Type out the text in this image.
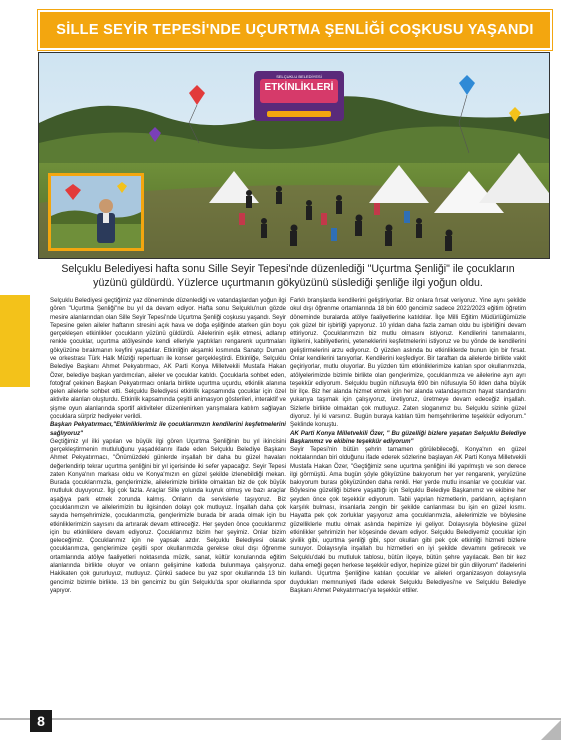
SİLLE SEYİR TEPESİ'NDE UÇURTMA ŞENLİĞİ COŞKUSU YAŞANDI
SELÇUKLU BELEDİYESİ
ETKİNLİKLERİ
Selçuklu Belediyesi hafta sonu Sille Seyir Tepesi'nde düzenlediği "Uçurtma Şenliği" ile çocukların yüzünü güldürdü. Yüzlerce uçurtmanın gökyüzünü süslediği şenliğe ilgi yoğun oldu.

Selçuklu Belediyesi geçtiğimiz yaz döneminde düzenlediği ve vatandaşlardan yoğun ilgi gören "Uçurtma Şenliği"ne bu yıl da devam ediyor. Hafta sonu Selçuklu'nun gözde mesire alanlarından olan Sille Seyir Tepesi'nde Uçurtma Şenliği coşkusu yaşandı. Seyir Tepesine gelen aileler haftanın stresini açık hava ve doğa eşliğinde atarken gün boyu gerçekleşen etkinlikler çocukların yüzünü güldürdü. Ailelerinin eşlik etmesi, adlanıp renkle çocuklar, uçurtma atölyesinde kendi elleriyle yaptıkları rengarenk uçurtmaları gökyüzüne bırakmanın keyfini yaşadılar. Etkinliğin akşamki kısmında Sanatçı Duman ve orkestrası Türk Halk Müziği repertuarı ile konser gerçekleştirdi. Etkinliğe, Selçuklu Belediye Başkanı Ahmet Pekyatırmacı, AK Parti Konya Milletvekili Mustafa Hakan Özer, belediye başkan yardımcıları, aileler ve çocuklar katıldı. Çocuklarla sohbet eden, fotoğraf çekinen Başkan Pekyatırmacı onlarla birlikte uçurtma uçurdu, etkinlik alanına gelen ailelerle sohbet etti. Selçuklu Belediyesi etkinlik kapsamında çocuklar için özel aktivite alanları oluşturdu. Etkinlik kapsamında çeşitli animasyon gösterileri, interaktif ve şişme oyun alanlarında sportif aktiviteler düzenlenirken yarışmalara katılım sağlayan çocuklara sürpriz hediyeler verildi.

Başkan Pekyatırmacı,"Etkinliklerimiz ile çocuklarımızın kendilerini keşfetmelerini sağlıyoruz"

Geçtiğimiz yıl ilki yapılan ve büyük ilgi gören Uçurtma Şenliğinin bu yıl ikincisini gerçekleştirmenin mutluluğunu yaşadıklarını ifade eden Selçuklu Belediye Başkanı Ahmet Pekyatırmacı, "Önümüzdeki günlerde inşallah bir daha bu güzel havaları değerlendirip tekrar uçurtma şenliğini bir yıl içerisinde iki sefer yapacağız. Seyir Tepesi zaten Konya'nın markası oldu ve Konya'mızın en güzel şekilde izlenebildiği mekan. Burada çocuklarımızla, gençlerimizle, ailelerimizle birlikte olmaktan biz de çok büyük mutluluk duyuyoruz. İlgi çok fazla. Araçlar Sille yolunda kuyruk olmuş ve bazı araçlar aşağıya park etmek zorunda kalmış. Onların da servislerle taşıyoruz. Biz çocuklarımızın ve ailelerimizin bu ilgisinden dolayı çok mutluyuz. İnşallah daha çok sayıda hemşehrimizle, çocuklarımızla, gençlerimizle burada bir arada olmak için bu etkinliklerimizin sayısını da artırarak devam ettireceğiz. Her şeyden önce çocuklarımız için bu etkinliklere devam ediyoruz. Çocuklarımız bizim her şeyimiz. Onlar bizim geleceğimiz. Çocuklarımız için ne yapsak azdır. Selçuklu Belediyesi olarak çocuklarımıza, gençlerimize çeşitli spor okullarımızda gerekse okul dışı öğrenme ortamlarında atölye faaliyetleri noktasında müzik, sanat, kültür konularında eğitim alanlarında birlikte oluyor ve onların gelişimine katkıda bulunmaya çalışıyoruz. Hakikaten çok gururluyuz, mutluyuz. Çünkü sadece bu yaz spor okullarında 13 bin gencimiz bizimle birlikte. 13 bin gencimiz bu gün Selçuklu'da spor okullarında spor yapıyor.

Farklı branşlarda kendilerini geliştiriyorlar. Biz onlara fırsat veriyoruz. Yine aynı şekilde okul dışı öğrenme ortamlarında 18 bin 600 gencimiz sadece 2022/2023 eğitim öğretim döneminde buralarda atölye faaliyetlerine katıldılar. İlçe Milli Eğitim Müdürlüğümüzle çok güzel bir işbirliği yapıyoruz. 10 yıldan daha fazla zaman oldu bu işbirliğini devam ettiriyoruz. Çocuklarımızın biz mutlu olmasını istiyoruz. Kendilerini tanımalarını, ilgilerini, kabiliyetlerini, yeteneklerini keşfetmelerini istiyoruz ve bu yönde de kendilerini geliştirmelerini arzu ediyoruz. O yüzden aslında bu etkinliklerde bunun için bir fırsat. Onlar kendilerini tanıyorlar. Kendilerini keşfediyor. Bir taraftan da ailelerde birlikte vakit geçiriyorlar, mutlu oluyorlar. Bu yüzden tüm etkinliklerimize katılan spor okullarımızda, atölyelerimizde bizimle birlikte olan gençlerimize, çocuklarımıza ve ailelerine ayrı ayrı teşekkür ediyorum. Selçuklu bugün nüfusuyla 690 bin nüfusuyla 50 ilden daha büyük bir ilçe. Biz her alanda hizmet etmek için her alanda vatandaşımızın hayat standardını yukarıya taşımak için çalışıyoruz, üretiyoruz, üretmeye devam edeceğiz inşallah. Sizlerle birlikte olmaktan çok mutluyuz. Zaten sloganımız bu. Selçuklu sizinle güzel diyoruz. İyi ki varsınız. Bugün buraya katılan tüm hemşehrilerime teşekkür ediyorum." Şeklinde konuştu.

AK Parti Konya Milletvekili Özer, " Bu güzelliği bizlere yaşatan Selçuklu Belediye Başkanımız ve ekibine teşekkür ediyorum"

Seyir Tepesi'nin bütün şehrin tamamen görülebileceği, Konya'nın en güzel noktalarından biri olduğunu ifade ederek sözlerine başlayan AK Parti Konya Milletvekili Mustafa Hakan Özer, "Geçtiğimiz sene uçurtma şenliğini ilki yapılmıştı ve son derece ilgi görmüştü. Ama bugün şöyle gökyüzüne bakıyorum her yer rengarenk, yeryüzüne bakıyorum burası gökyüzünden daha renkli. Her yerde mutlu insanlar ve çocuklar var. Böylesine güzelliği bizlere yaşattığı için Selçuklu Belediye Başkanımız ve ekibine her şeyden önce çok teşekkür ediyorum. Tabii yapılan hizmetlerin, parkların, açılışların karşılık bulması, insanlarla zengin bir şekilde canlanması bu işin en güzel kısmı. Hayatta pek çok zorluklar yaşıyoruz ama çocuklarımızla, ailelerimizle ve böylesine güzelliklerle mutlu olmak aslında hepimize iyi geliyor. Dolayısıyla böylesine güzel etkinlikler şehrimizin her köşesinde devam ediyor. Selçuklu Belediyemiz çocuklar için şivilik gibi, uçurtma şenliği gibi, spor okulları gibi pek çok etkinliği hizmeti bizlere sunuyor. Dolayısıyla inşallah bu hizmetleri en iyi şekilde devamını getirecek ve Selçuklu'daki bu mutluluk tablosu, bütün ilçeye, bütün şehre yayılacak. Ben bir kez daha emeği geçen herkese teşekkür ediyor, hepinize güzel bir gün diliyorum" ifadelerini kullandı. Uçurtma Şenliğine katılan çocuklar ve aileleri organizasyon dolayısıyla duydukları memnuniyeti ifade ederek Selçuklu Belediyesi'ne ve Selçuklu Belediye Başkanı Ahmet Pekyatırmacı'ya teşekkür ettiler.

8
